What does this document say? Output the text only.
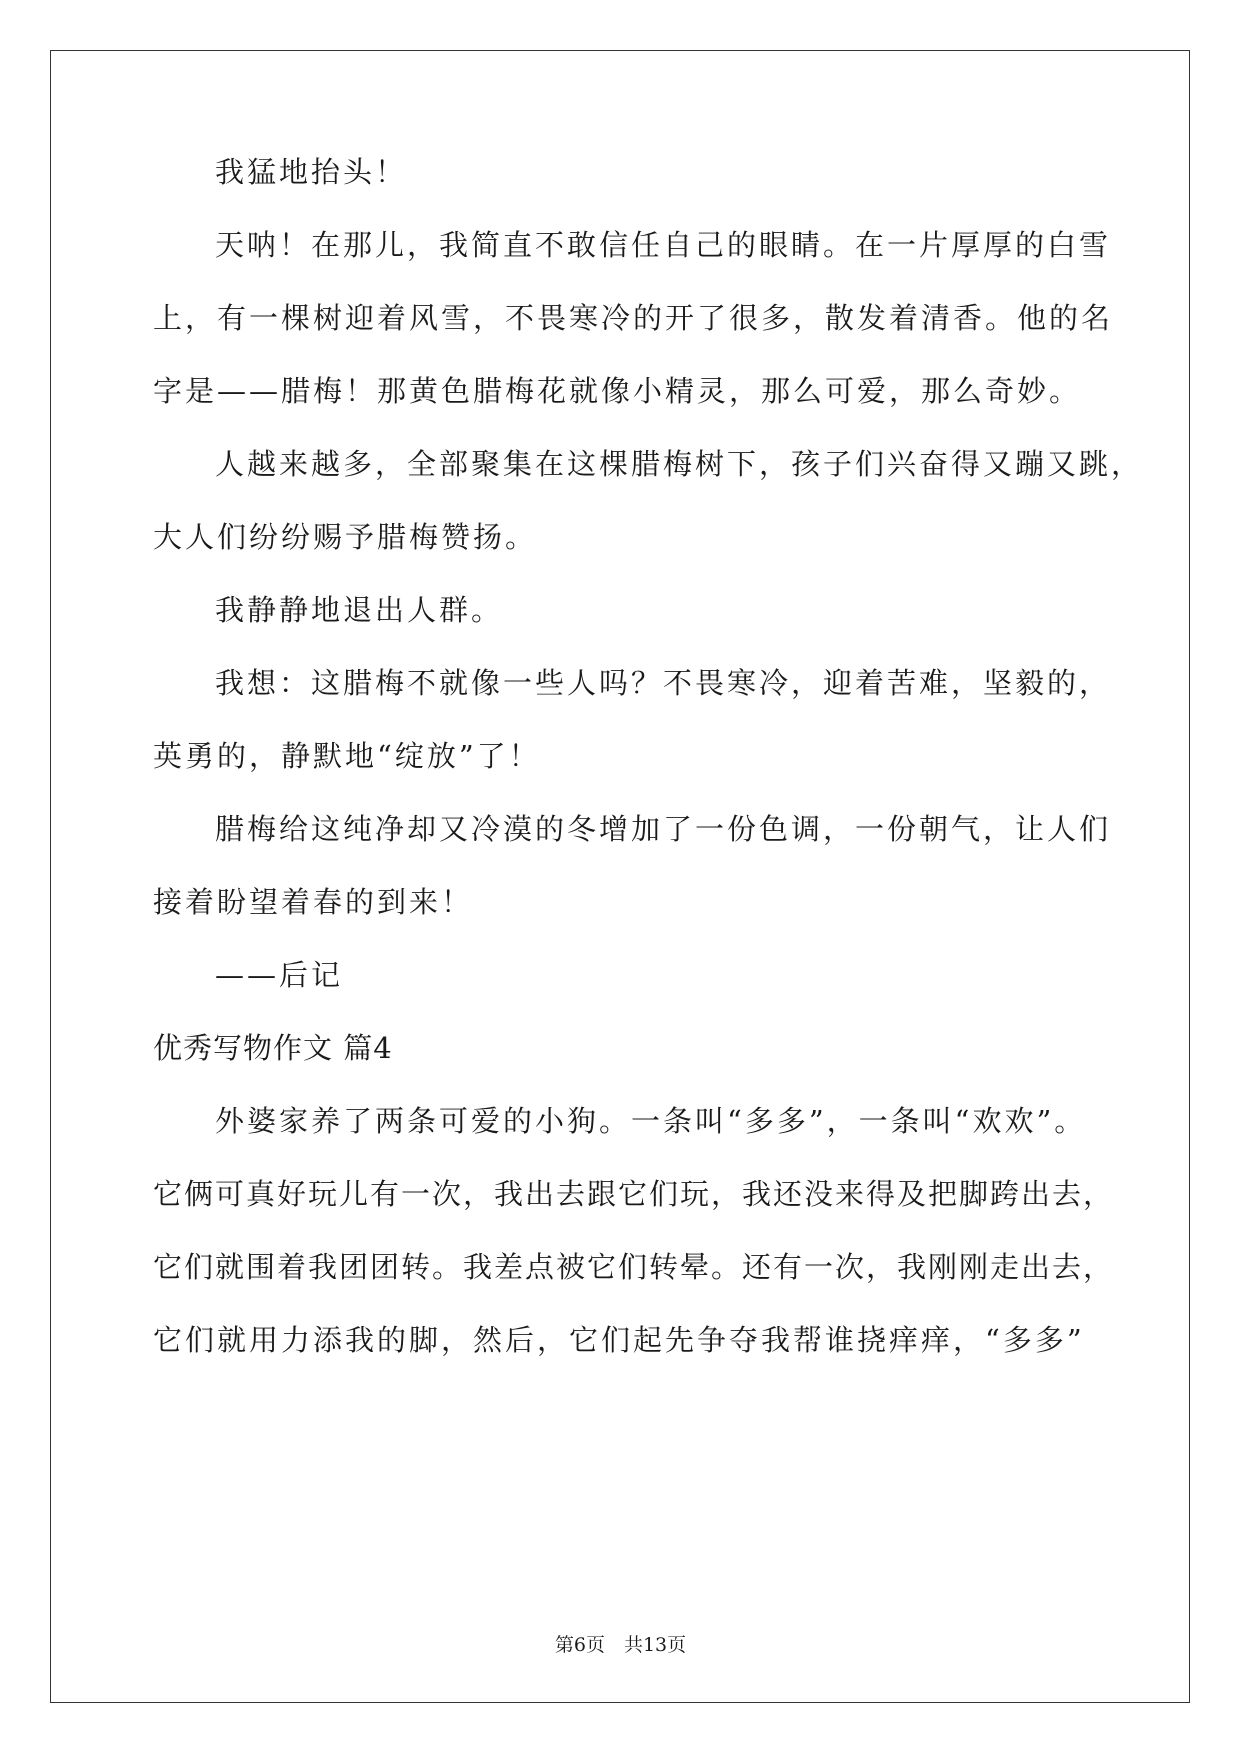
我猛地抬头！
天呐！在那儿，我简直不敢信任自己的眼睛。在一片厚厚的白雪
上，有一棵树迎着风雪，不畏寒冷的开了很多，散发着清香。他的名
字是——腊梅！那黄色腊梅花就像小精灵，那么可爱，那么奇妙。
人越来越多，全部聚集在这棵腊梅树下，孩子们兴奋得又蹦又跳，
大人们纷纷赐予腊梅赞扬。
我静静地退出人群。
我想：这腊梅不就像一些人吗？不畏寒冷，迎着苦难，坚毅的，
英勇的，静默地“绽放”了！
腊梅给这纯净却又冷漠的冬增加了一份色调，一份朝气，让人们
接着盼望着春的到来！
——后记
优秀写物作文 篇4
外婆家养了两条可爱的小狗。一条叫“多多”，一条叫“欢欢”。
它俩可真好玩儿有一次，我出去跟它们玩，我还没来得及把脚跨出去，
它们就围着我团团转。我差点被它们转晕。还有一次，我刚刚走出去，
它们就用力添我的脚，然后，它们起先争夺我帮谁挠痒痒，“多多”
第6页　共13页
